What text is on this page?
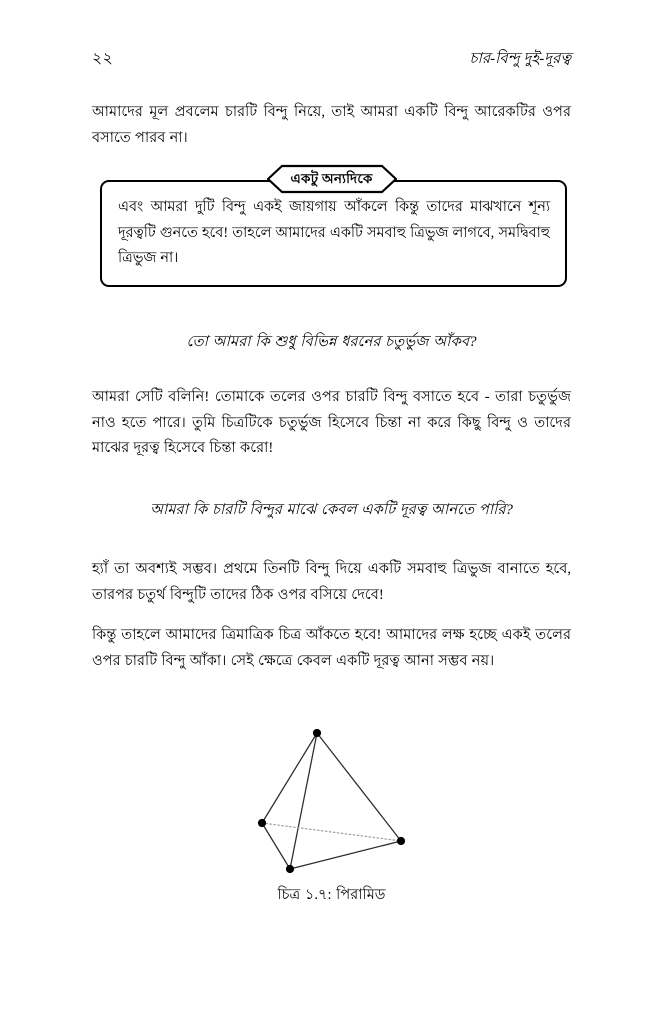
২২	চার-বিন্দু দুই-দূরত্ব
আমাদের মূল প্রবলেম চারটি বিন্দু নিয়ে, তাই আমরা একটি বিন্দু আরেকটির ওপর বসাতে পারব না।
একটু অন্যদিকে
এবং আমরা দুটি বিন্দু একই জায়গায় আঁকলে কিন্তু তাদের মাঝখানে শূন্য দূরত্বটি গুনতে হবে! তাহলে আমাদের একটি সমবাহু ত্রিভুজ লাগবে, সমদ্বিবাহু ত্রিভুজ না।
তো আমরা কি শুধু বিভিন্ন ধরনের চতুর্ভুজ আঁকব?
আমরা সেটি বলিনি! তোমাকে তলের ওপর চারটি বিন্দু বসাতে হবে - তারা চতুর্ভুজ নাও হতে পারে। তুমি চিত্রটিকে চতুর্ভুজ হিসেবে চিন্তা না করে কিছু বিন্দু ও তাদের মাঝের দূরত্ব হিসেবে চিন্তা করো!
আমরা কি চারটি বিন্দুর মাঝে কেবল একটি দূরত্ব আনতে পারি?
হ্যাঁ তা অবশ্যই সম্ভব। প্রথমে তিনটি বিন্দু দিয়ে একটি সমবাহু ত্রিভুজ বানাতে হবে, তারপর চতুর্থ বিন্দুটি তাদের ঠিক ওপর বসিয়ে দেবে!
কিন্তু তাহলে আমাদের ত্রিমাত্রিক চিত্র আঁকতে হবে! আমাদের লক্ষ হচ্ছে একই তলের ওপর চারটি বিন্দু আঁকা। সেই ক্ষেত্রে কেবল একটি দূরত্ব আনা সম্ভব নয়।
চিত্র ১.৭: পিরামিড
